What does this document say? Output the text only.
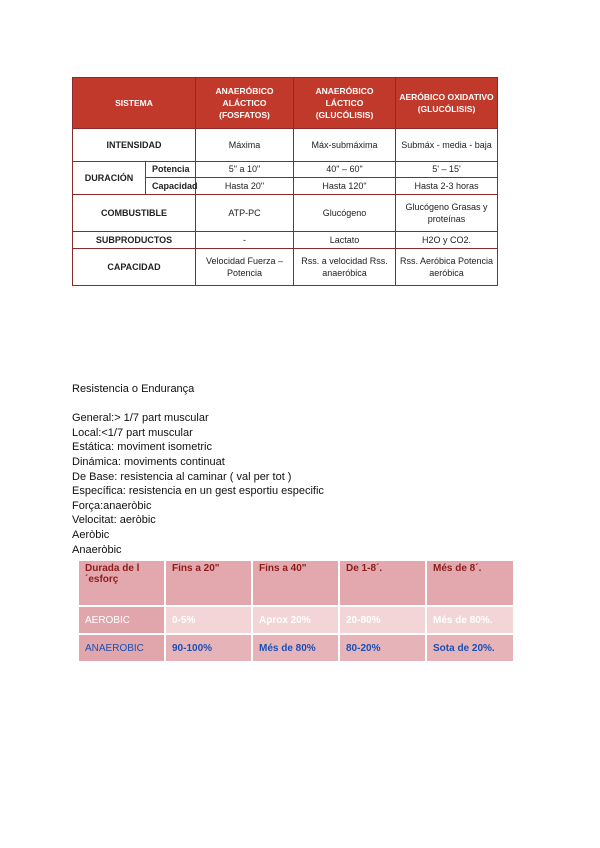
SISTEMA		ANAERÓBICO ALÁCTICO (FOSFATOS)	ANAERÓBICO LÁCTICO (GLUCÓLISIS)	AERÓBICO OXIDATIVO (GLUCÓLISIS)
INTENSIDAD		Máxima	Máx-submáxima	Submáx - media - baja
DURACIÓN	Potencia	5" a 10"	40" – 60"	5' – 15'
	Capacidad	Hasta 20"	Hasta 120"	Hasta 2-3 horas
COMBUSTIBLE		ATP-PC	Glucógeno	Glucógeno Grasas y proteínas
SUBPRODUCTOS		-	Lactato	H2O y CO2.
CAPACIDAD		Velocidad Fuerza – Potencia	Rss. a velocidad Rss. anaeróbica	Rss. Aeróbica Potencia aeróbica
Resistencia o Endurança
General:> 1/7 part muscular
Local:<1/7 part muscular
Estática: moviment isometric
Dinámica: moviments continuat
De Base: resistencia al caminar ( val per tot )
Específica: resistencia en un gest esportiu especific
Força:anaeròbic
Velocitat: aeròbic
Aeròbic
Anaeròbic
Durada de l´esforç	Fins a 20"	Fins a 40"	De 1-8´.	Més de 8´.
AEROBIC	0-5%	Aprox 20%	20-80%	Més de 80%.
ANAEROBIC	90-100%	Més de 80%	80-20%	Sota de 20%.
